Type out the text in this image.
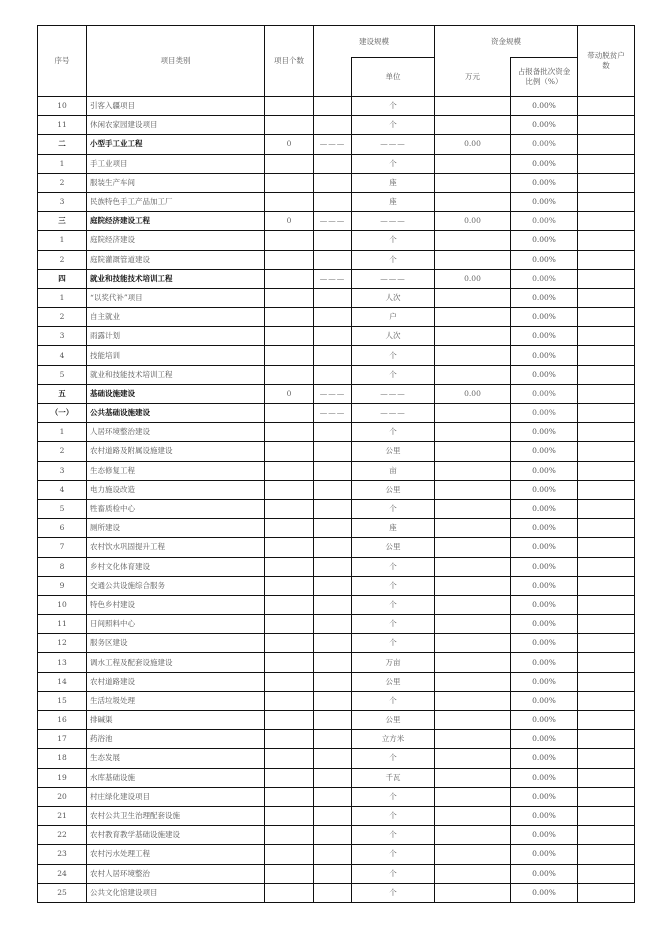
序号	项目类别	项目个数	建设规模		资金规模		带动脱贫户数
				单位	万元	占报备批次资金比例（%）	
10	引客入疆项目			个		0.00%	
11	休闲农家园建设项目			个		0.00%	
二	小型手工业工程	0	———	———	0.00	0.00%	
1	手工业项目			个		0.00%	
2	服装生产车间			座		0.00%	
3	民族特色手工产品加工厂			座		0.00%	
三	庭院经济建设工程	0	———	———	0.00	0.00%	
1	庭院经济建设			个		0.00%	
2	庭院灌溉管道建设			个		0.00%	
四	就业和技能技术培训工程		———	———	0.00	0.00%	
1	“以奖代补”项目			人次		0.00%	
2	自主就业			户		0.00%	
3	雨露计划			人次		0.00%	
4	技能培训			个		0.00%	
5	就业和技能技术培训工程			个		0.00%	
五	基础设施建设	0	———	———	0.00	0.00%	
（一）	公共基础设施建设		———	———		0.00%	
1	人居环境整治建设			个		0.00%	
2	农村道路及附属设施建设			公里		0.00%	
3	生态修复工程			亩		0.00%	
4	电力施设改造			公里		0.00%	
5	牲畜质检中心			个		0.00%	
6	厕所建设			座		0.00%	
7	农村饮水巩固提升工程			公里		0.00%	
8	乡村文化体育建设			个		0.00%	
9	交通公共设施综合服务			个		0.00%	
10	特色乡村建设			个		0.00%	
11	日间照料中心			个		0.00%	
12	服务区建设			个		0.00%	
13	调水工程及配套设施建设			万亩		0.00%	
14	农村道路建设			公里		0.00%	
15	生活垃圾处理			个		0.00%	
16	排碱渠			公里		0.00%	
17	药浴池			立方米		0.00%	
18	生态发展			个		0.00%	
19	水库基础设施			千瓦		0.00%	
20	村庄绿化建设项目			个		0.00%	
21	农村公共卫生治理配套设施			个		0.00%	
22	农村教育教学基础设施建设			个		0.00%	
23	农村污水处理工程			个		0.00%	
24	农村人居环境整治			个		0.00%	
25	公共文化馆建设项目			个		0.00%	
